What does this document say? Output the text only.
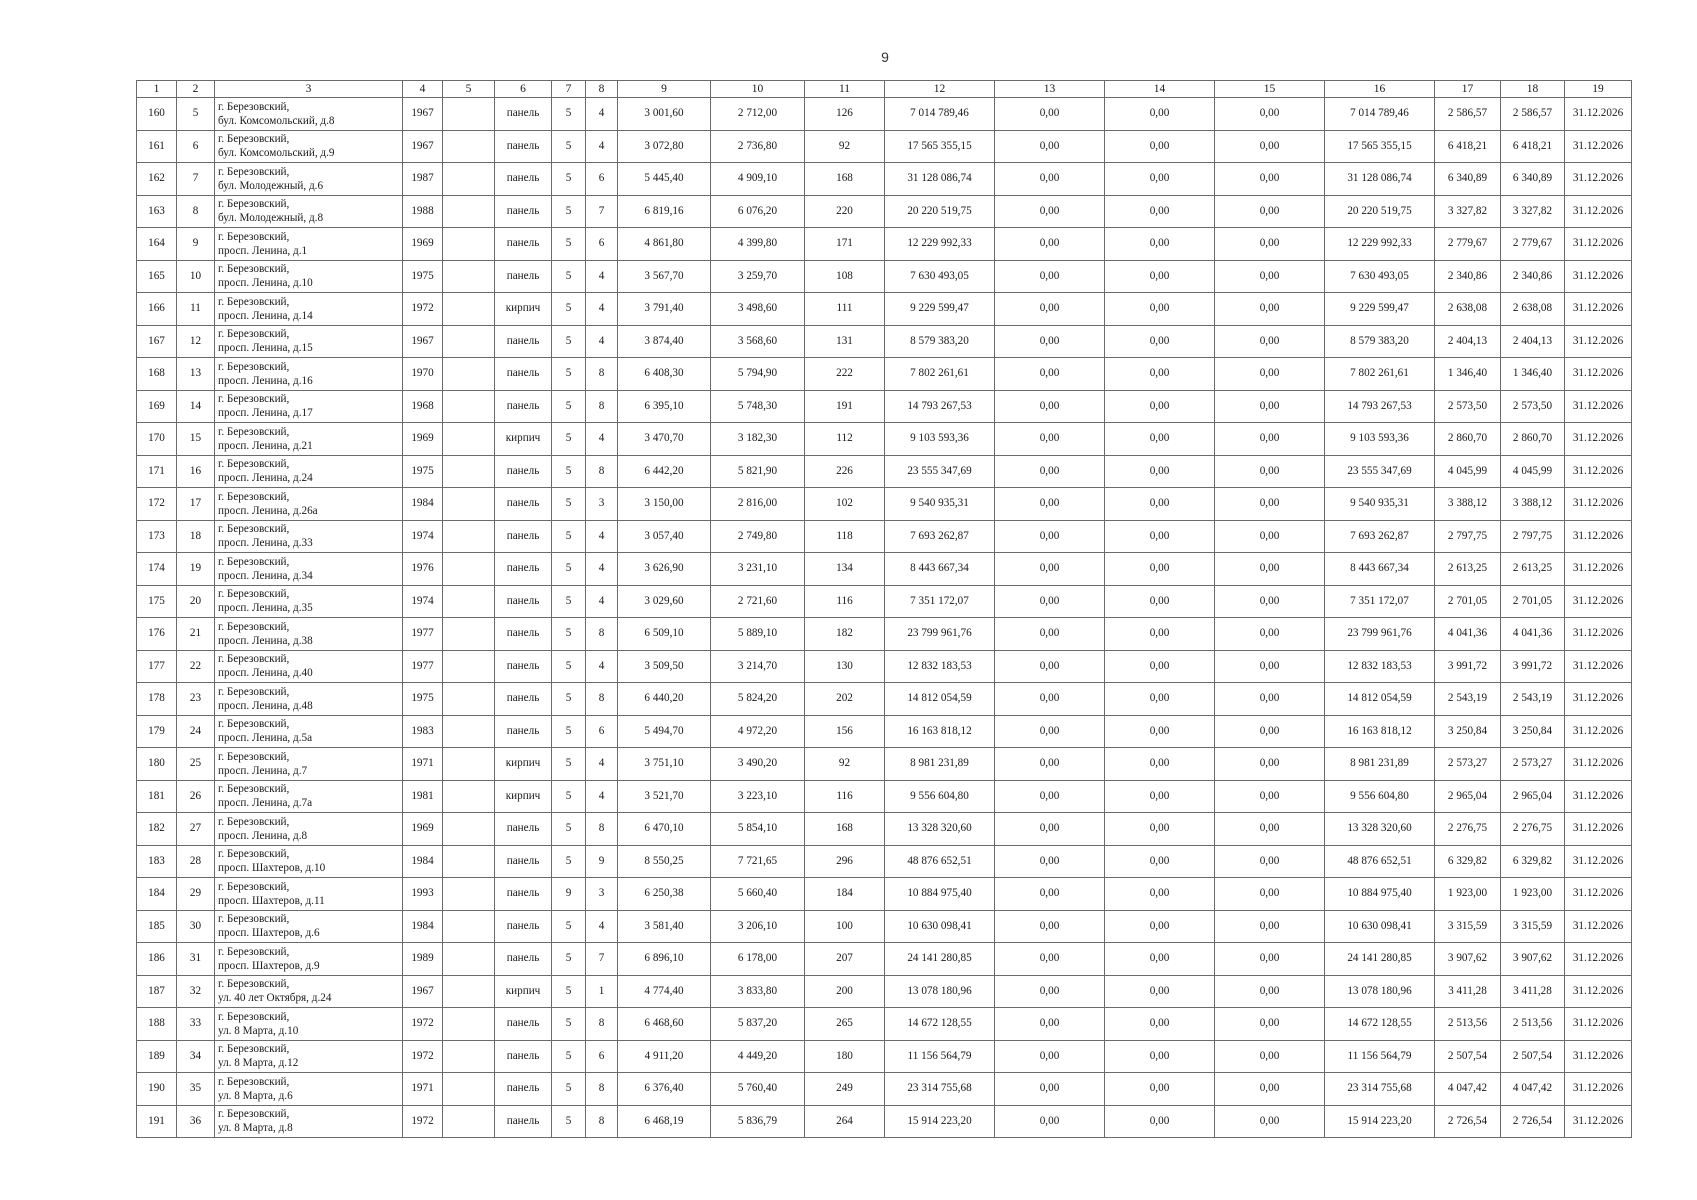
9
1	2	3	4	5	6	7	8	9	10	11	12	13	14	15	16	17	18	19
160	5	г. Березовский,
бул. Комсомольский, д.8	1967		панель	5	4	3 001,60	2 712,00	126	7 014 789,46	0,00	0,00	0,00	7 014 789,46	2 586,57	2 586,57	31.12.2026
161	6	г. Березовский,
бул. Комсомольский, д.9	1967		панель	5	4	3 072,80	2 736,80	92	17 565 355,15	0,00	0,00	0,00	17 565 355,15	6 418,21	6 418,21	31.12.2026
162	7	г. Березовский,
бул. Молодежный, д.6	1987		панель	5	6	5 445,40	4 909,10	168	31 128 086,74	0,00	0,00	0,00	31 128 086,74	6 340,89	6 340,89	31.12.2026
163	8	г. Березовский,
бул. Молодежный, д.8	1988		панель	5	7	6 819,16	6 076,20	220	20 220 519,75	0,00	0,00	0,00	20 220 519,75	3 327,82	3 327,82	31.12.2026
164	9	г. Березовский,
просп. Ленина, д.1	1969		панель	5	6	4 861,80	4 399,80	171	12 229 992,33	0,00	0,00	0,00	12 229 992,33	2 779,67	2 779,67	31.12.2026
165	10	г. Березовский,
просп. Ленина, д.10	1975		панель	5	4	3 567,70	3 259,70	108	7 630 493,05	0,00	0,00	0,00	7 630 493,05	2 340,86	2 340,86	31.12.2026
166	11	г. Березовский,
просп. Ленина, д.14	1972		кирпич	5	4	3 791,40	3 498,60	111	9 229 599,47	0,00	0,00	0,00	9 229 599,47	2 638,08	2 638,08	31.12.2026
167	12	г. Березовский,
просп. Ленина, д.15	1967		панель	5	4	3 874,40	3 568,60	131	8 579 383,20	0,00	0,00	0,00	8 579 383,20	2 404,13	2 404,13	31.12.2026
168	13	г. Березовский,
просп. Ленина, д.16	1970		панель	5	8	6 408,30	5 794,90	222	7 802 261,61	0,00	0,00	0,00	7 802 261,61	1 346,40	1 346,40	31.12.2026
169	14	г. Березовский,
просп. Ленина, д.17	1968		панель	5	8	6 395,10	5 748,30	191	14 793 267,53	0,00	0,00	0,00	14 793 267,53	2 573,50	2 573,50	31.12.2026
170	15	г. Березовский,
просп. Ленина, д.21	1969		кирпич	5	4	3 470,70	3 182,30	112	9 103 593,36	0,00	0,00	0,00	9 103 593,36	2 860,70	2 860,70	31.12.2026
171	16	г. Березовский,
просп. Ленина, д.24	1975		панель	5	8	6 442,20	5 821,90	226	23 555 347,69	0,00	0,00	0,00	23 555 347,69	4 045,99	4 045,99	31.12.2026
172	17	г. Березовский,
просп. Ленина, д.26а	1984		панель	5	3	3 150,00	2 816,00	102	9 540 935,31	0,00	0,00	0,00	9 540 935,31	3 388,12	3 388,12	31.12.2026
173	18	г. Березовский,
просп. Ленина, д.33	1974		панель	5	4	3 057,40	2 749,80	118	7 693 262,87	0,00	0,00	0,00	7 693 262,87	2 797,75	2 797,75	31.12.2026
174	19	г. Березовский,
просп. Ленина, д.34	1976		панель	5	4	3 626,90	3 231,10	134	8 443 667,34	0,00	0,00	0,00	8 443 667,34	2 613,25	2 613,25	31.12.2026
175	20	г. Березовский,
просп. Ленина, д.35	1974		панель	5	4	3 029,60	2 721,60	116	7 351 172,07	0,00	0,00	0,00	7 351 172,07	2 701,05	2 701,05	31.12.2026
176	21	г. Березовский,
просп. Ленина, д.38	1977		панель	5	8	6 509,10	5 889,10	182	23 799 961,76	0,00	0,00	0,00	23 799 961,76	4 041,36	4 041,36	31.12.2026
177	22	г. Березовский,
просп. Ленина, д.40	1977		панель	5	4	3 509,50	3 214,70	130	12 832 183,53	0,00	0,00	0,00	12 832 183,53	3 991,72	3 991,72	31.12.2026
178	23	г. Березовский,
просп. Ленина, д.48	1975		панель	5	8	6 440,20	5 824,20	202	14 812 054,59	0,00	0,00	0,00	14 812 054,59	2 543,19	2 543,19	31.12.2026
179	24	г. Березовский,
просп. Ленина, д.5а	1983		панель	5	6	5 494,70	4 972,20	156	16 163 818,12	0,00	0,00	0,00	16 163 818,12	3 250,84	3 250,84	31.12.2026
180	25	г. Березовский,
просп. Ленина, д.7	1971		кирпич	5	4	3 751,10	3 490,20	92	8 981 231,89	0,00	0,00	0,00	8 981 231,89	2 573,27	2 573,27	31.12.2026
181	26	г. Березовский,
просп. Ленина, д.7а	1981		кирпич	5	4	3 521,70	3 223,10	116	9 556 604,80	0,00	0,00	0,00	9 556 604,80	2 965,04	2 965,04	31.12.2026
182	27	г. Березовский,
просп. Ленина, д.8	1969		панель	5	8	6 470,10	5 854,10	168	13 328 320,60	0,00	0,00	0,00	13 328 320,60	2 276,75	2 276,75	31.12.2026
183	28	г. Березовский,
просп. Шахтеров, д.10	1984		панель	5	9	8 550,25	7 721,65	296	48 876 652,51	0,00	0,00	0,00	48 876 652,51	6 329,82	6 329,82	31.12.2026
184	29	г. Березовский,
просп. Шахтеров, д.11	1993		панель	9	3	6 250,38	5 660,40	184	10 884 975,40	0,00	0,00	0,00	10 884 975,40	1 923,00	1 923,00	31.12.2026
185	30	г. Березовский,
просп. Шахтеров, д.6	1984		панель	5	4	3 581,40	3 206,10	100	10 630 098,41	0,00	0,00	0,00	10 630 098,41	3 315,59	3 315,59	31.12.2026
186	31	г. Березовский,
просп. Шахтеров, д.9	1989		панель	5	7	6 896,10	6 178,00	207	24 141 280,85	0,00	0,00	0,00	24 141 280,85	3 907,62	3 907,62	31.12.2026
187	32	г. Березовский,
ул. 40 лет Октября, д.24	1967		кирпич	5	1	4 774,40	3 833,80	200	13 078 180,96	0,00	0,00	0,00	13 078 180,96	3 411,28	3 411,28	31.12.2026
188	33	г. Березовский,
ул. 8 Марта, д.10	1972		панель	5	8	6 468,60	5 837,20	265	14 672 128,55	0,00	0,00	0,00	14 672 128,55	2 513,56	2 513,56	31.12.2026
189	34	г. Березовский,
ул. 8 Марта, д.12	1972		панель	5	6	4 911,20	4 449,20	180	11 156 564,79	0,00	0,00	0,00	11 156 564,79	2 507,54	2 507,54	31.12.2026
190	35	г. Березовский,
ул. 8 Марта, д.6	1971		панель	5	8	6 376,40	5 760,40	249	23 314 755,68	0,00	0,00	0,00	23 314 755,68	4 047,42	4 047,42	31.12.2026
191	36	г. Березовский,
ул. 8 Марта, д.8	1972		панель	5	8	6 468,19	5 836,79	264	15 914 223,20	0,00	0,00	0,00	15 914 223,20	2 726,54	2 726,54	31.12.2026
